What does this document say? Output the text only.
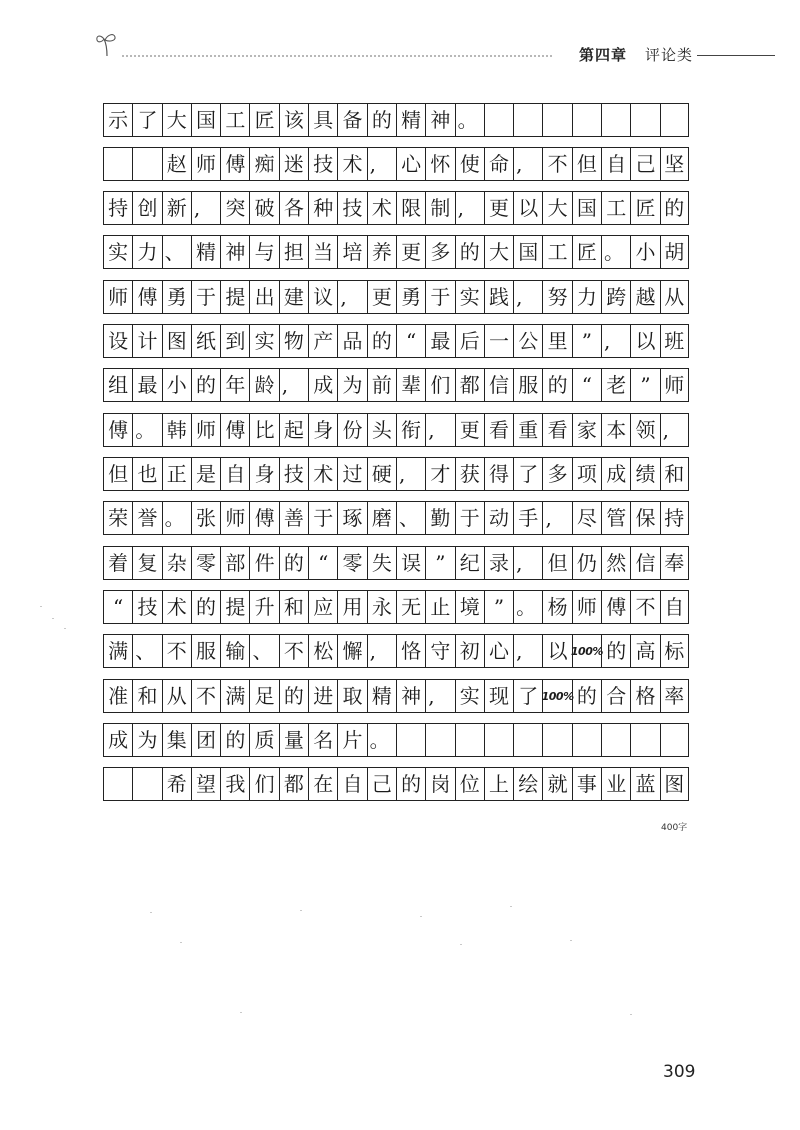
第四章 评论类
示 了 大 国 工 匠 该 具 备 的 精 神 。
赵 师 傅 痴 迷 技 术 ,	心 怀 使 命 ,	不 但 自 己 坚
持 创 新 ,	突 破 各 种 技 术 限 制 ,	更 以 大 国 工 匠 的
实 力 、 精 神 与 担 当 培 养 更 多 的 大 国 工 匠 。 小 胡
师 傅 勇 于 提 出 建 议 ,	更 勇 于 实 践 ,	努 力 跨 越 从
设 计 图 纸 到 实 物 产 品 的 “ 最 后 一 公 里 ” ,	以 班
组 最 小 的 年 龄 ,	成 为 前 辈 们 都 信 服 的 “ 老 ” 师
傅 。 韩 师 傅 比 起 身 份 头 衔 ,	更 看 重 看 家 本 领 ,
但 也 正 是 自 身 技 术 过 硬 ,	才 获 得 了 多 项 成 绩 和
荣 誉 。 张 师 傅 善 于 琢 磨 、 勤 于 动 手 ,	尽 管 保 持
着 复 杂 零 部 件 的 “ 零 失 误 ” 纪 录 ,	但 仍 然 信 奉
“ 技 术 的 提 升 和 应 用 永 无 止 境 ” 。 杨 师 傅 不 自
满 、 不 服 输 、 不 松 懈 ,	恪 守 初 心 ,	以 100% 的 高 标
准 和 从 不 满 足 的 进 取 精 神 ,	实 现 了 100% 的 合 格 率
成 为 集 团 的 质 量 名 片 。
希 望 我 们 都 在 自 己 的 岗 位 上 绘 就 事 业 蓝 图
400字
309
